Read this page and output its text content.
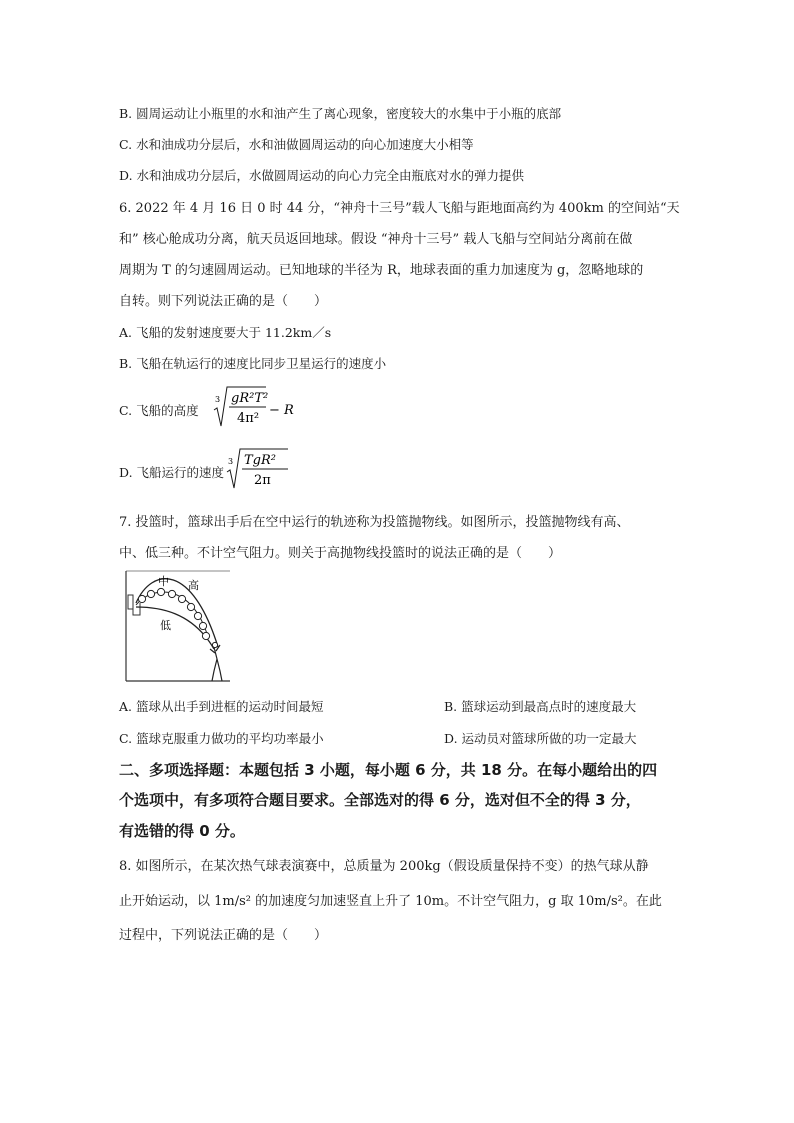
B. 圆周运动让小瓶里的水和油产生了离心现象，密度较大的水集中于小瓶的底部
C. 水和油成功分层后，水和油做圆周运动的向心加速度大小相等
D. 水和油成功分层后，水做圆周运动的向心力完全由瓶底对水的弹力提供
6. 2022 年 4 月 16 日 0 时 44 分，“神舟十三号”载人飞船与距地面高约为 400km 的空间站“天
和” 核心舱成功分离，航天员返回地球。假设 “神舟十三号” 载人飞船与空间站分离前在做
周期为 T 的匀速圆周运动。已知地球的半径为 R，地球表面的重力加速度为 g，忽略地球的
自转。则下列说法正确的是（　　）
A. 飞船的发射速度要大于 11.2km／s
B. 飞船在轨运行的速度比同步卫星运行的速度小
C. 飞船的高度
3 gR²T²
4π²
− R
D. 飞船运行的速度
3 TgR²
2π
7. 投篮时，篮球出手后在空中运行的轨迹称为投篮抛物线。如图所示，投篮抛物线有高、
中、低三种。不计空气阻力。则关于高抛物线投篮时的说法正确的是（　　）
中 高
低
A. 篮球从出手到进框的运动时间最短	B. 篮球运动到最高点时的速度最大
C. 篮球克服重力做功的平均功率最小	D. 运动员对篮球所做的功一定最大
二、多项选择题：本题包括 3 小题，每小题 6 分，共 18 分。在每小题给出的四
个选项中，有多项符合题目要求。全部选对的得 6 分，选对但不全的得 3 分，
有选错的得 0 分。
8. 如图所示，在某次热气球表演赛中，总质量为 200kg（假设质量保持不变）的热气球从静
止开始运动，以 1m/s² 的加速度匀加速竖直上升了 10m。不计空气阻力，g 取 10m/s²。在此
过程中，下列说法正确的是（　　）
